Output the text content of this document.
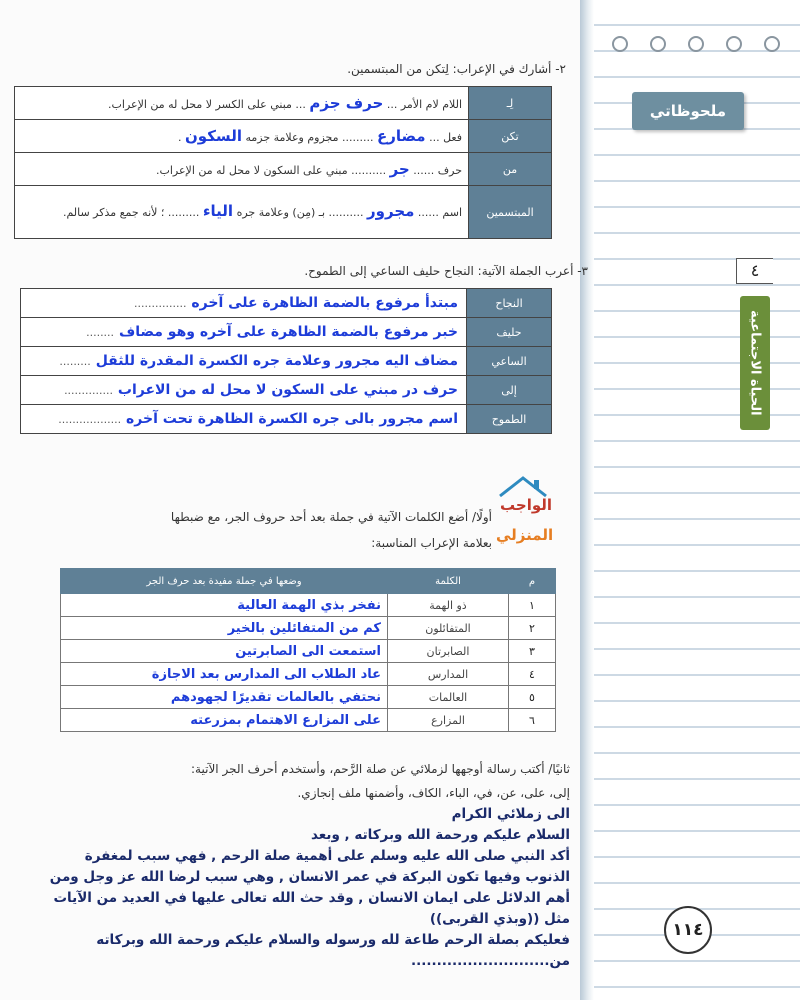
ملحوظاتي
٤
الحياة الاجتماعية
١١٤
٢- أشارك في الإعراب: لِتكن من المبتسمين.
لِـ	اللام لام الأمر ... حرف جزم ... مبني على الكسر لا محل له من الإعراب.
تكن	فعل ... مضارع ......... مجزوم وعلامة جزمه السكون .
من	حرف ...... جر .......... مبني على السكون لا محل له من الإعراب.
المبتسمين	اسم ...... مجرور .......... بـ (مِن) وعلامة جره الياء ......... ؛ لأنه جمع مذكر سالم.
٣- أعرب الجملة الآتية: النجاح حليف الساعي إلى الطموح.
النجاح	مبتدأ مرفوع بالضمة الظاهرة على آخره ...............
حليف	خبر مرفوع بالضمة الظاهرة على آخره وهو مضاف ........
الساعي	مضاف اليه مجرور وعلامة جره الكسرة المقدرة للثقل .........
إلى	حرف در مبني على السكون لا محل له من الاعراب ..............
الطموح	اسم مجرور بالى جره الكسرة الظاهرة تحت آخره ..................
الواجب
المنزلي
أولًا/ أضع الكلمات الآتية في جملة بعد أحد حروف الجر، مع ضبطها
بعلامة الإعراب المناسبة:
م	الكلمة	وضعها في جملة مفيدة بعد حرف الجر
١	ذو الهمة	نفخر بذي الهمة العالية
٢	المتفائلون	كم من المتفائلين بالخير
٣	الصابرتان	استمعت الى الصابرتين
٤	المدارس	عاد الطلاب الى المدارس بعد الاجازة
٥	العالمات	نحتفي بالعالمات تقديرًا لجهودهم
٦	المزارع	على المزارع الاهتمام بمزرعته
ثانيًا/ أكتب رسالة أوجهها لزملائي عن صلة الرَّحم، وأستخدم أحرف الجر الآتية:
إلى، على، عن، في، الباء، الكاف، وأضمنها ملف إنجازي.
الى زملائي الكرام
السلام عليكم ورحمة الله وبركاته , وبعد
أكد النبي صلى الله عليه وسلم على أهمية صلة الرحم , فهي سبب لمغفرة
الذنوب وفيها تكون البركة في عمر الانسان , وهي سبب لرضا الله عز وجل ومن
أهم الدلائل على ايمان الانسان , وقد حث الله تعالى عليها في العديد من الآيات
مثل ((وبذي القربى))
فعليكم بصلة الرحم طاعة لله ورسوله والسلام عليكم ورحمة الله وبركاته
من...........................
